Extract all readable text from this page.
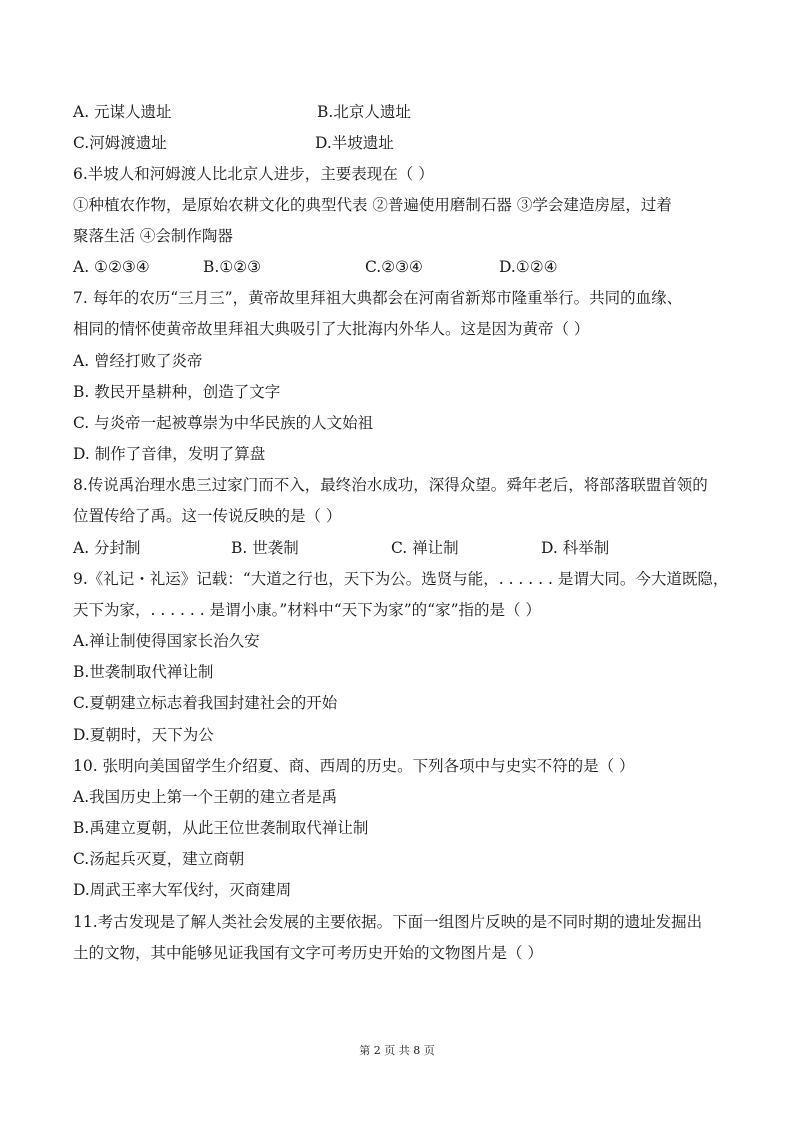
A. 元谋人遗址	B.北京人遗址
C.河姆渡遗址	D.半坡遗址
6.半坡人和河姆渡人比北京人进步，主要表现在（ ）
①种植农作物，是原始农耕文化的典型代表 ②普遍使用磨制石器 ③学会建造房屋，过着
聚落生活 ④会制作陶器
A. ①②③④	B.①②③	C.②③④	D.①②④
7. 每年的农历“三月三”，黄帝故里拜祖大典都会在河南省新郑市隆重举行。共同的血缘、
相同的情怀使黄帝故里拜祖大典吸引了大批海内外华人。这是因为黄帝（ ）
A. 曾经打败了炎帝
B. 教民开垦耕种，创造了文字
C. 与炎帝一起被尊崇为中华民族的人文始祖
D. 制作了音律，发明了算盘
8.传说禹治理水患三过家门而不入，最终治水成功，深得众望。舜年老后，将部落联盟首领的
位置传给了禹。这一传说反映的是（ ）
A. 分封制	B. 世袭制	C. 禅让制	D. 科举制
9.《礼记・礼运》记载：“大道之行也，天下为公。选贤与能，. . . . . . 是谓大同。今大道既隐，
天下为家，. . . . . . 是谓小康。”材料中“天下为家”的“家”指的是（ ）
A.禅让制使得国家长治久安
B.世袭制取代禅让制
C.夏朝建立标志着我国封建社会的开始
D.夏朝时，天下为公
10. 张明向美国留学生介绍夏、商、西周的历史。下列各项中与史实不符的是（ ）
A.我国历史上第一个王朝的建立者是禹
B.禹建立夏朝，从此王位世袭制取代禅让制
C.汤起兵灭夏，建立商朝
D.周武王率大军伐纣，灭商建周
11.考古发现是了解人类社会发展的主要依据。下面一组图片反映的是不同时期的遗址发掘出
土的文物，其中能够见证我国有文字可考历史开始的文物图片是（ ）
第 2 页 共 8 页
